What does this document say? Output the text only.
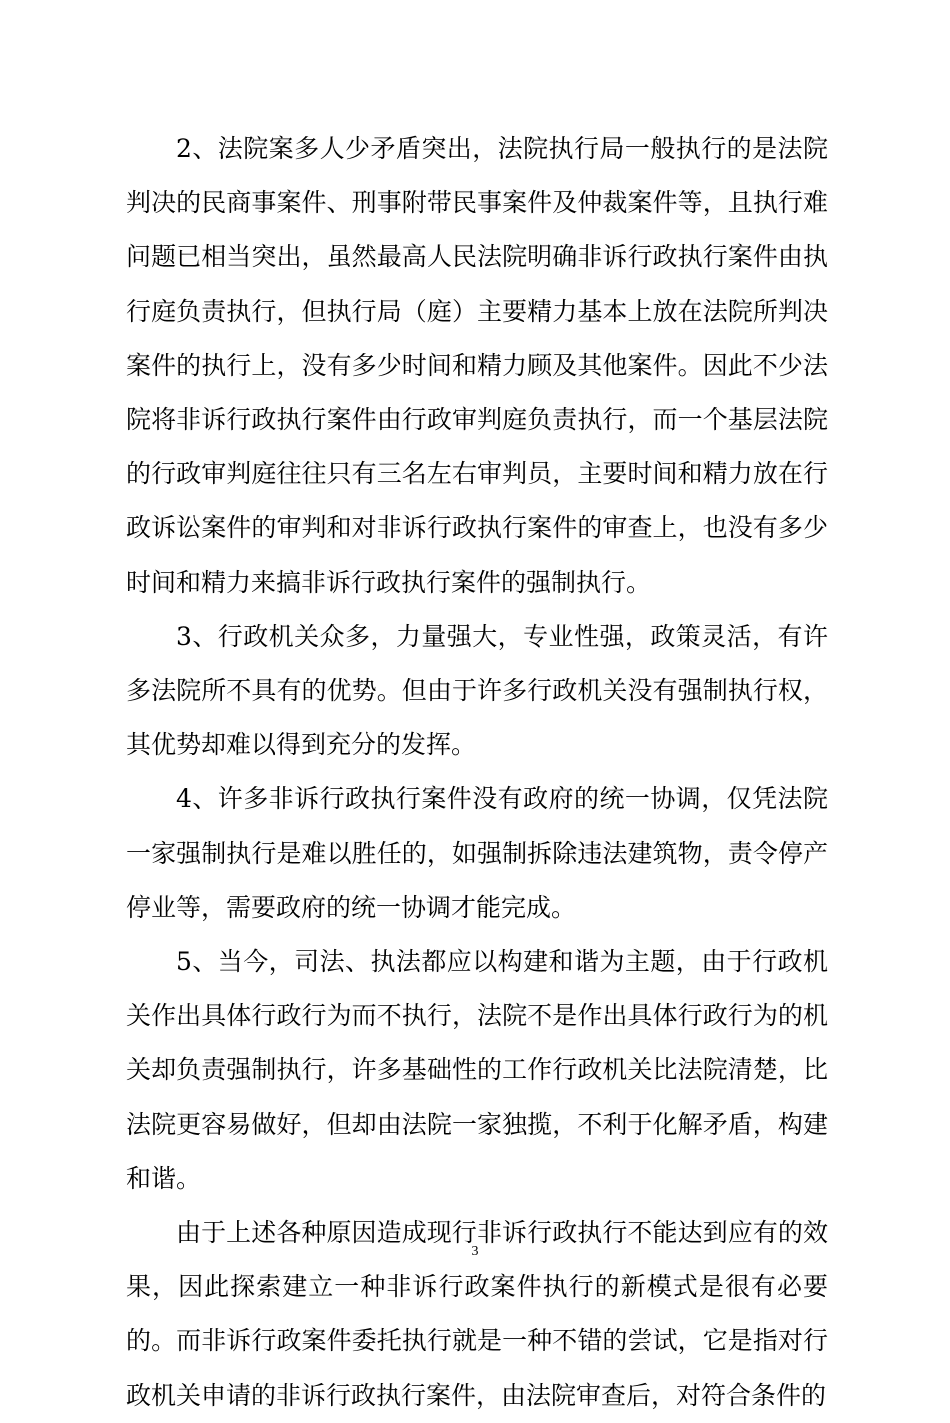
2、法院案多人少矛盾突出，法院执行局一般执行的是法院判决的民商事案件、刑事附带民事案件及仲裁案件等，且执行难问题已相当突出，虽然最高人民法院明确非诉行政执行案件由执行庭负责执行，但执行局（庭）主要精力基本上放在法院所判决案件的执行上，没有多少时间和精力顾及其他案件。因此不少法院将非诉行政执行案件由行政审判庭负责执行，而一个基层法院的行政审判庭往往只有三名左右审判员，主要时间和精力放在行政诉讼案件的审判和对非诉行政执行案件的审查上，也没有多少时间和精力来搞非诉行政执行案件的强制执行。

3、行政机关众多，力量强大，专业性强，政策灵活，有许多法院所不具有的优势。但由于许多行政机关没有强制执行权，其优势却难以得到充分的发挥。

4、许多非诉行政执行案件没有政府的统一协调，仅凭法院一家强制执行是难以胜任的，如强制拆除违法建筑物，责令停产停业等，需要政府的统一协调才能完成。

5、当今，司法、执法都应以构建和谐为主题，由于行政机关作出具体行政行为而不执行，法院不是作出具体行政行为的机关却负责强制执行，许多基础性的工作行政机关比法院清楚，比法院更容易做好，但却由法院一家独揽，不利于化解矛盾，构建和谐。

由于上述各种原因造成现行非诉行政执行不能达到应有的效果，因此探索建立一种非诉行政案件执行的新模式是很有必要的。而非诉行政案件委托执行就是一种不错的尝试，它是指对行政机关申请的非诉行政执行案件，由法院审查后，对符合条件的

3
